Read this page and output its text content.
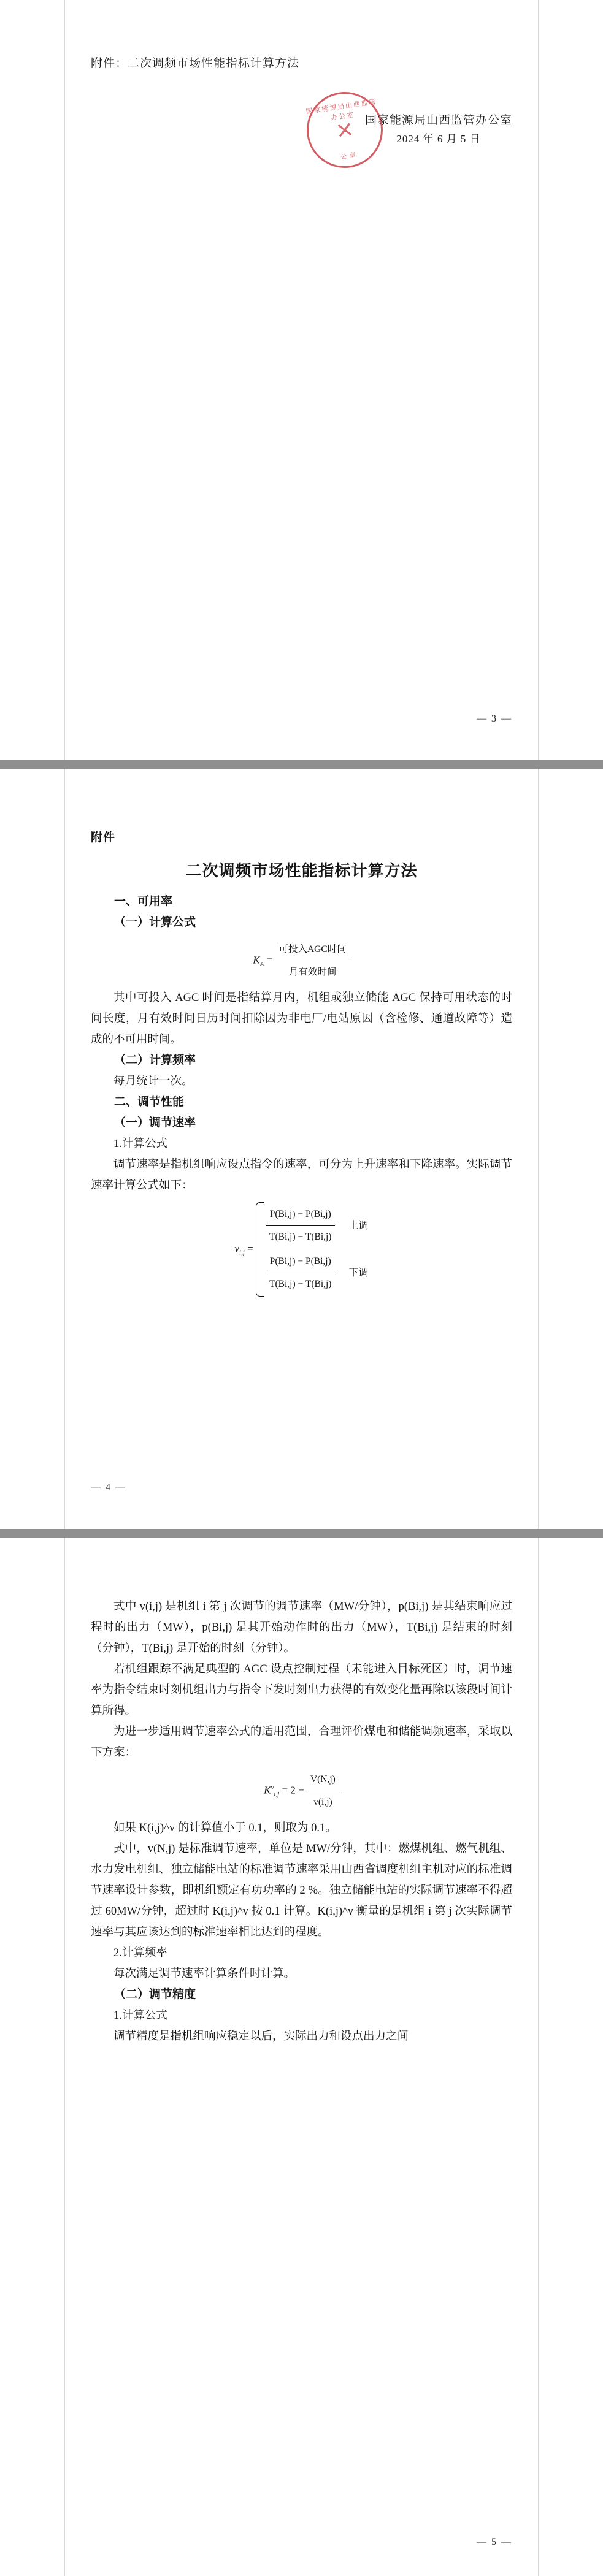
附件：二次调频市场性能指标计算方法
国家能源局山西监管办公室
公 章
国家能源局山西监管办公室
2024 年 6 月 5 日
— 3 —

附件

二次调频市场性能指标计算方法

一、可用率

（一）计算公式

$K_A = \frac{\text{可投入AGC时间}}{\text{月有效时间}}$

其中可投入 AGC 时间是指结算月内，机组或独立储能 AGC 保持可用状态的时间长度，月有效时间日历时间扣除因为非电厂/电站原因（含检修、通道故障等）造成的不可用时间。

（二）计算频率

每月统计一次。

二、调节性能

（一）调节速率

1.计算公式

调节速率是指机组响应设点指令的速率，可分为上升速率和下降速率。实际调节速率计算公式如下：

$v_{i,j}$ =
$\frac{P(Bi,j) - P(Bi,j)}{T(Bi,j) - T(Bi,j)}$ 上调
$\frac{P(Bi,j) - P(Bi,j)}{T(Bi,j) - T(Bi,j)}$ 下调
— 4 —

式中 v(i,j) 是机组 i 第 j 次调节的调节速率（MW/分钟），p(Bi,j) 是其结束响应过程时的出力（MW），p(Bi,j) 是其开始动作时的出力（MW），T(Bi,j) 是结束的时刻（分钟），T(Bi,j) 是开始的时刻（分钟）。

若机组跟踪不满足典型的 AGC 设点控制过程（未能进入目标死区）时，调节速率为指令结束时刻机组出力与指令下发时刻出力获得的有效变化量再除以该段时间计算所得。

为进一步适用调节速率公式的适用范围，合理评价煤电和储能调频速率，采取以下方案：

$K^v_{i,j} = 2 - \frac{V(N,j)}{v(i,j)}$

如果 K(i,j)^v 的计算值小于 0.1，则取为 0.1。

式中，v(N,j) 是标准调节速率，单位是 MW/分钟，其中：燃煤机组、燃气机组、水力发电机组、独立储能电站的标准调节速率采用山西省调度机组主机对应的标准调节速率设计参数，即机组额定有功功率的 2 %。独立储能电站的实际调节速率不得超过 60MW/分钟，超过时 K(i,j)^v 按 0.1 计算。K(i,j)^v 衡量的是机组 i 第 j 次实际调节速率与其应该达到的标准速率相比达到的程度。

2.计算频率

每次满足调节速率计算条件时计算。

（二）调节精度

1.计算公式

调节精度是指机组响应稳定以后，实际出力和设点出力之间

— 5 —
